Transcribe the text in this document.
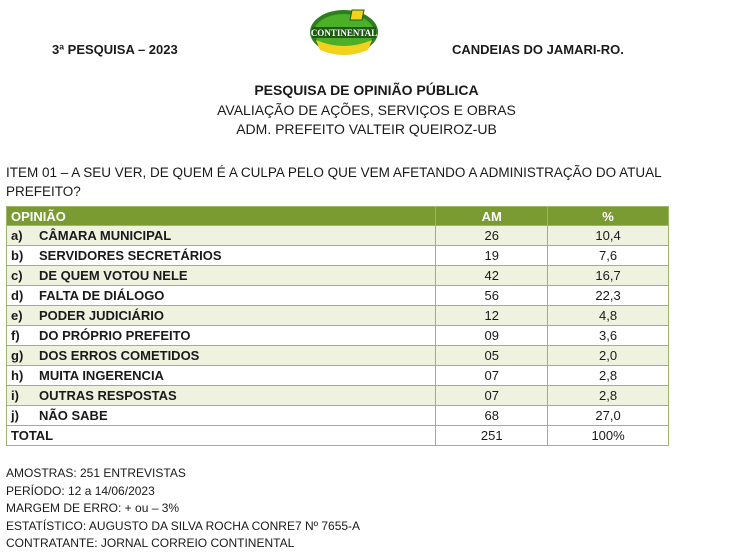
3ª PESQUISA – 2023
CONTINENTAL
CANDEIAS DO JAMARI-RO.
PESQUISA DE OPINIÃO PÚBLICA
AVALIAÇÃO DE AÇÕES, SERVIÇOS E OBRAS
ADM. PREFEITO VALTEIR QUEIROZ-UB
ITEM 01 – A SEU VER, DE QUEM É A CULPA PELO QUE VEM AFETANDO A ADMINISTRAÇÃO DO ATUAL PREFEITO?
OPINIÃO	AM	%
a) CÂMARA MUNICIPAL	26	10,4
b) SERVIDORES SECRETÁRIOS	19	7,6
c) DE QUEM VOTOU NELE	42	16,7
d) FALTA DE DIÁLOGO	56	22,3
e) PODER JUDICIÁRIO	12	4,8
f) DO PRÓPRIO PREFEITO	09	3,6
g) DOS ERROS COMETIDOS	05	2,0
h) MUITA INGERENCIA	07	2,8
i) OUTRAS RESPOSTAS	07	2,8
j) NÃO SABE	68	27,0
TOTAL	251	100%
AMOSTRAS: 251 ENTREVISTAS
PERÍODO: 12 a 14/06/2023
MARGEM DE ERRO: + ou – 3%
ESTATÍSTICO: AUGUSTO DA SILVA ROCHA CONRE7 Nº 7655-A
CONTRATANTE: JORNAL CORREIO CONTINENTAL
